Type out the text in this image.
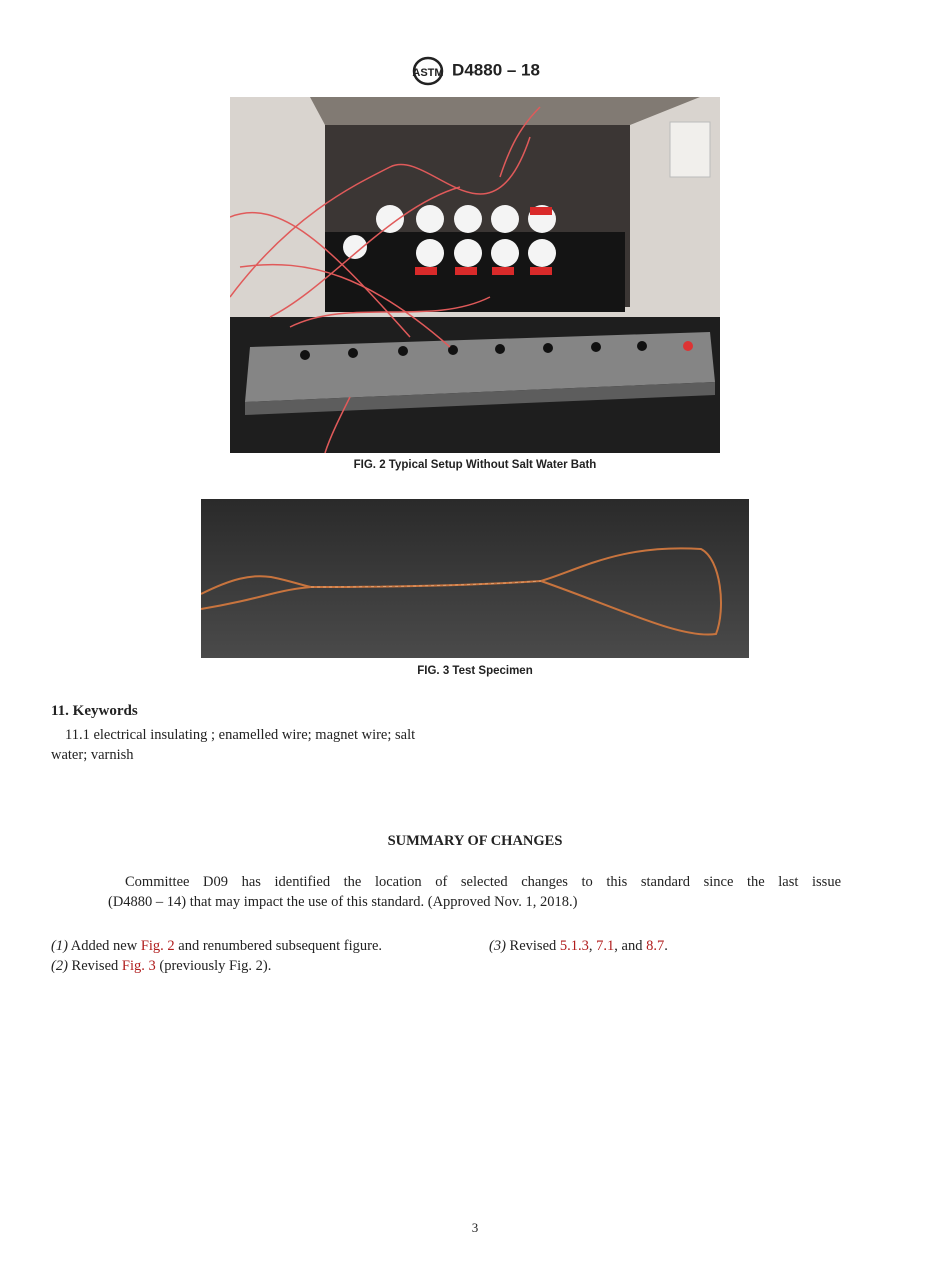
ASTM D4880 – 18
FIG. 2 Typical Setup Without Salt Water Bath
FIG. 3 Test Specimen
11. Keywords
11.1 electrical insulating ; enamelled wire; magnet wire; salt
water; varnish
SUMMARY OF CHANGES
Committee D09 has identified the location of selected changes to this standard since the last issue
(D4880 – 14) that may impact the use of this standard. (Approved Nov. 1, 2018.)
(1) Added new Fig. 2 and renumbered subsequent figure.
(2) Revised Fig. 3 (previously Fig. 2).
(3) Revised 5.1.3, 7.1, and 8.7.
3
